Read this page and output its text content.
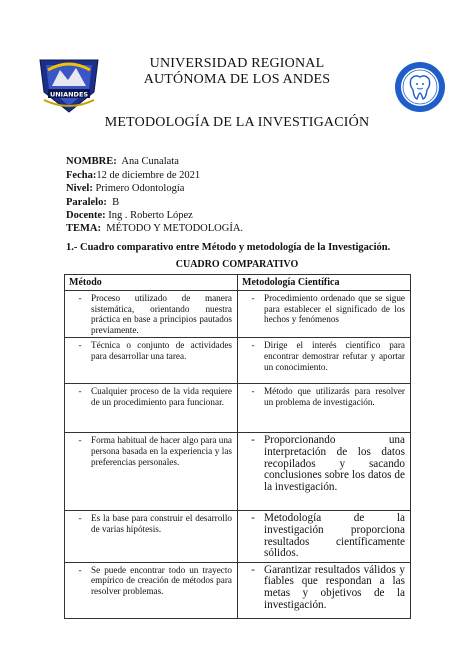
UNIANDES
UNIVERSIDAD REGIONAL
AUTÓNOMA DE LOS ANDES
METODOLOGÍA DE LA INVESTIGACIÓN
NOMBRE: Ana Cunalata
Fecha:12 de diciembre de 2021
Nivel: Primero Odontología
Paralelo: B
Docente: Ing . Roberto López
TEMA: MÉTODO Y METODOLOGÍA.
1.- Cuadro comparativo entre Método y metodología de la Investigación.
CUADRO COMPARATIVO
Método	Metodología Científica

- Proceso utilizado de manera sistemática, orientando nuestra práctica en base a principios pautados previamente.	- Procedimiento ordenado que se sigue para establecer el significado de los hechos y fenómenos

- Técnica o conjunto de actividades para desarrollar una tarea.	- Dirige el interés científico para encontrar demostrar refutar y aportar un conocimiento.

- Cualquier proceso de la vida requiere de un procedimiento para funcionar.	- Método que utilizarás para resolver un problema de investigación.

- Forma habitual de hacer algo para una persona basada en la experiencia y las preferencias personales.	- Proporcionando una interpretación de los datos recopilados y sacando conclusiones sobre los datos de la investigación.

- Es la base para construir el desarrollo de varias hipótesis.	- Metodología de la investigación proporciona resultados científicamente sólidos.

- Se puede encontrar todo un trayecto empírico de creación de métodos para resolver problemas.	- Garantizar resultados válidos y fiables que respondan a las metas y objetivos de la investigación.
